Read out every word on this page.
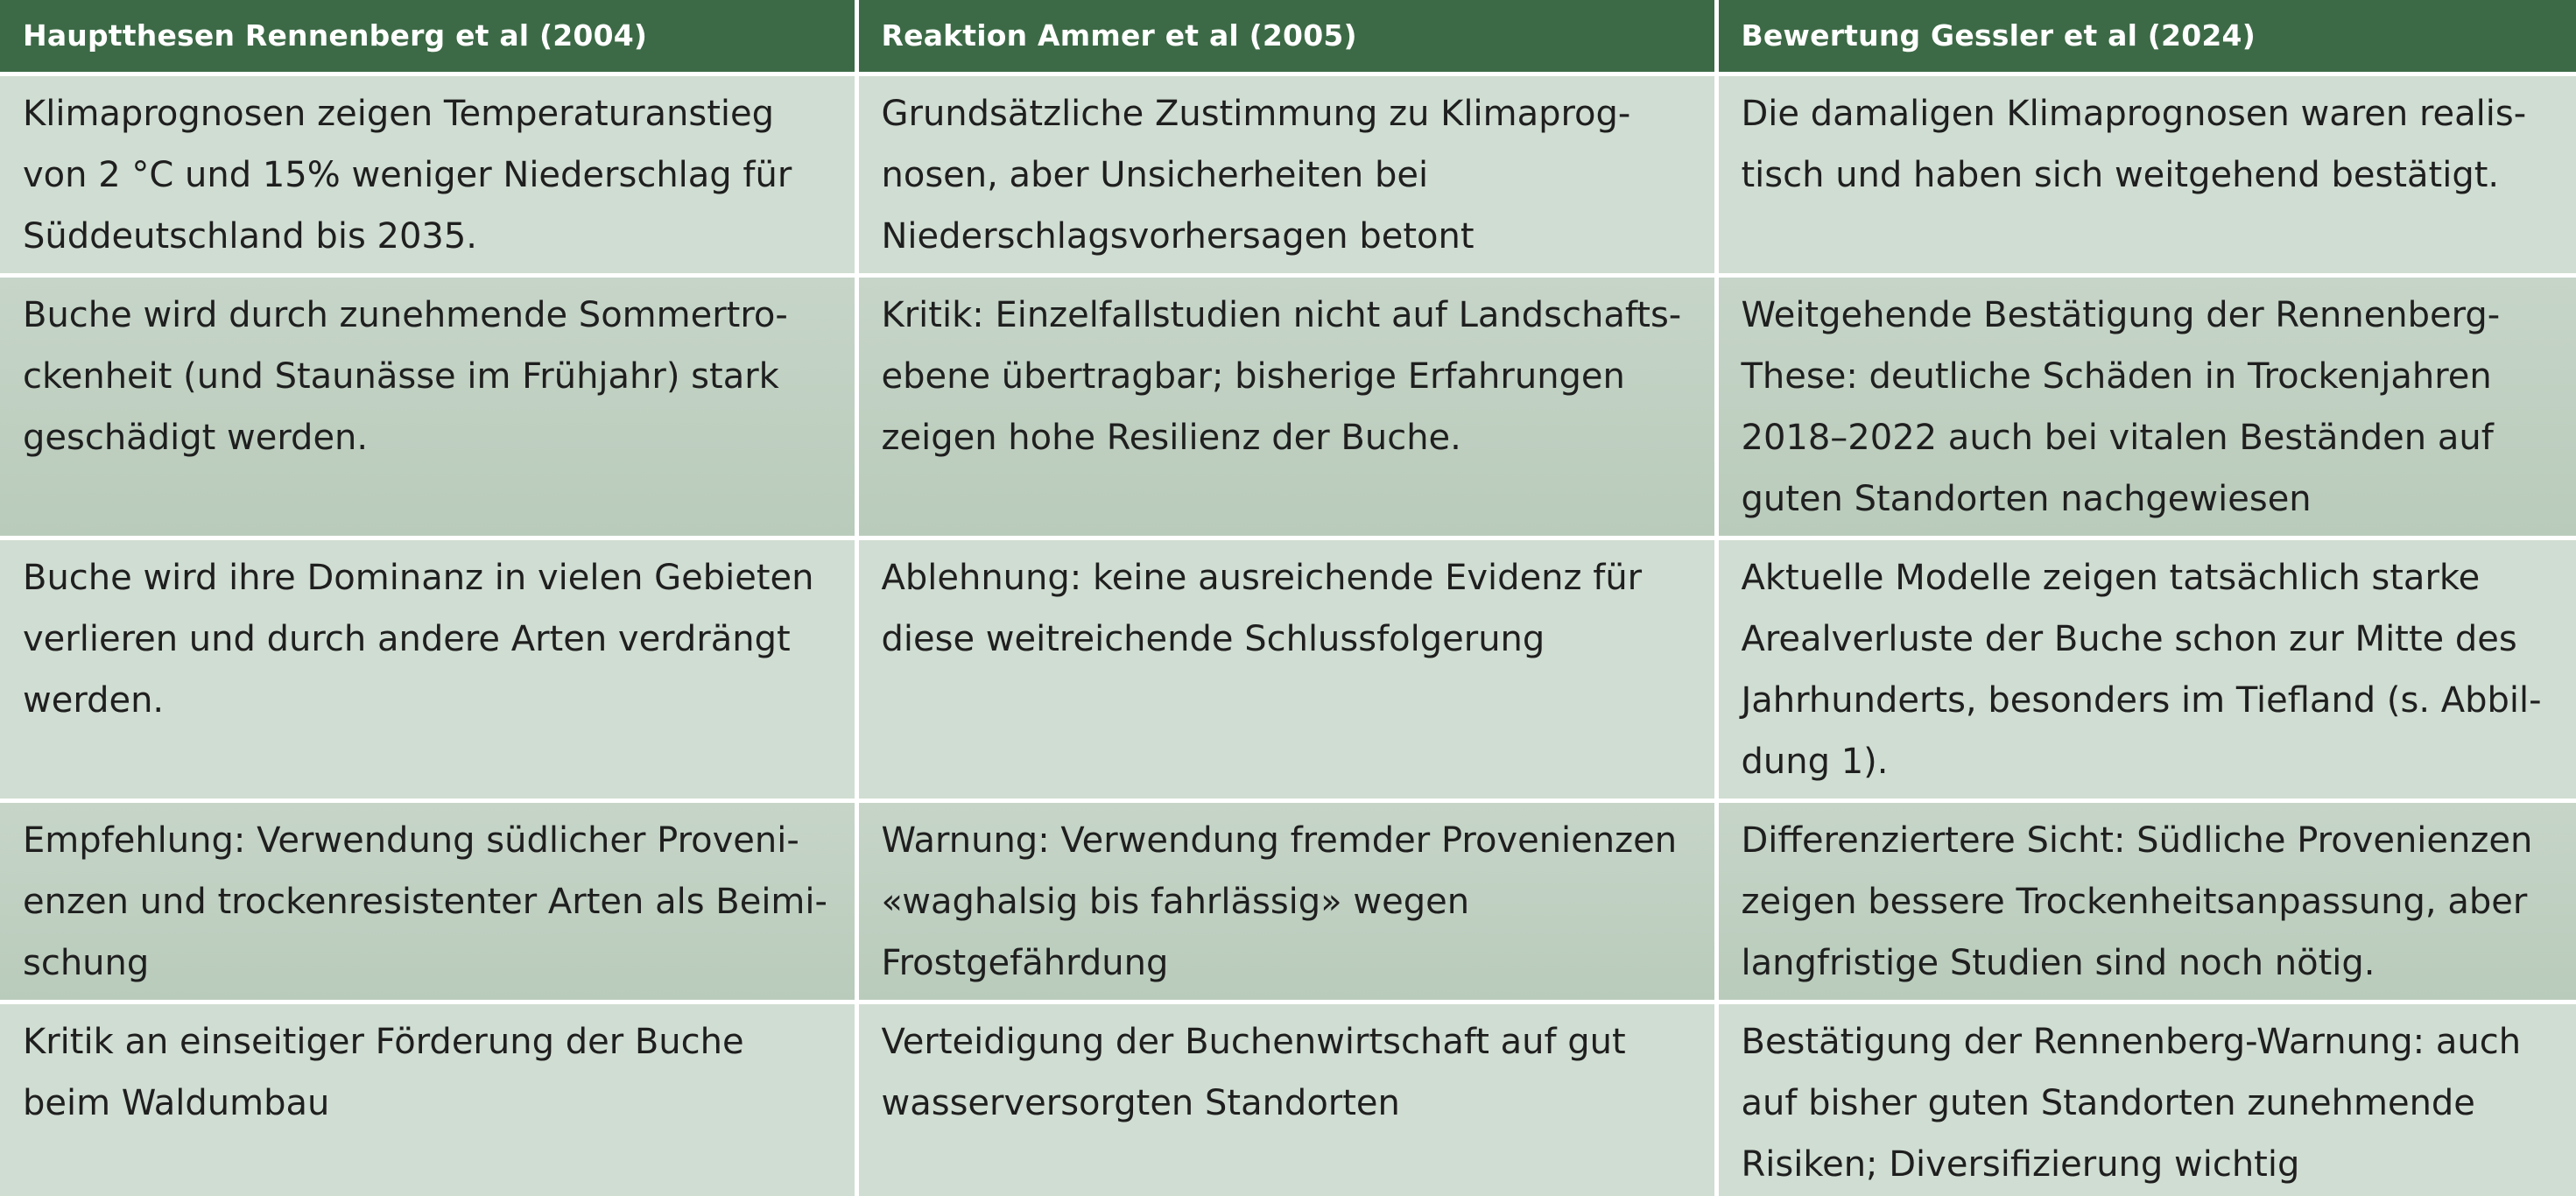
Hauptthesen Rennenberg et al (2004)	Reaktion Ammer et al (2005)	Bewertung Gessler et al (2024)
Klimaprognosen zeigen Temperaturanstieg von 2 °C und 15% weniger Niederschlag für Süddeutschland bis 2035.	Grundsätzliche Zustimmung zu Klimaprognosen, aber Unsicherheiten bei Niederschlagsvorhersagen betont	Die damaligen Klimaprognosen waren realistisch und haben sich weitgehend bestätigt.
Buche wird durch zunehmende Sommertrockenheit (und Staunässe im Frühjahr) stark geschädigt werden.	Kritik: Einzelfallstudien nicht auf Landschaftsebene übertragbar; bisherige Erfahrungen zeigen hohe Resilienz der Buche.	Weitgehende Bestätigung der Rennenberg-These: deutliche Schäden in Trockenjahren 2018–2022 auch bei vitalen Beständen auf guten Standorten nachgewiesen
Buche wird ihre Dominanz in vielen Gebieten verlieren und durch andere Arten verdrängt werden.	Ablehnung: keine ausreichende Evidenz für diese weitreichende Schlussfolgerung	Aktuelle Modelle zeigen tatsächlich starke Arealverluste der Buche schon zur Mitte des Jahrhunderts, besonders im Tiefland (s. Abbildung 1).
Empfehlung: Verwendung südlicher Provenienzen und trockenresistenter Arten als Beimischung	Warnung: Verwendung fremder Provenienzen «waghalsig bis fahrlässig» wegen Frostgefährdung	Differenziertere Sicht: Südliche Provenienzen zeigen bessere Trockenheitsanpassung, aber langfristige Studien sind noch nötig.
Kritik an einseitiger Förderung der Buche beim Waldumbau	Verteidigung der Buchenwirtschaft auf gut wasserversorgten Standorten	Bestätigung der Rennenberg-Warnung: auch auf bisher guten Standorten zunehmende Risiken; Diversifizierung wichtig
